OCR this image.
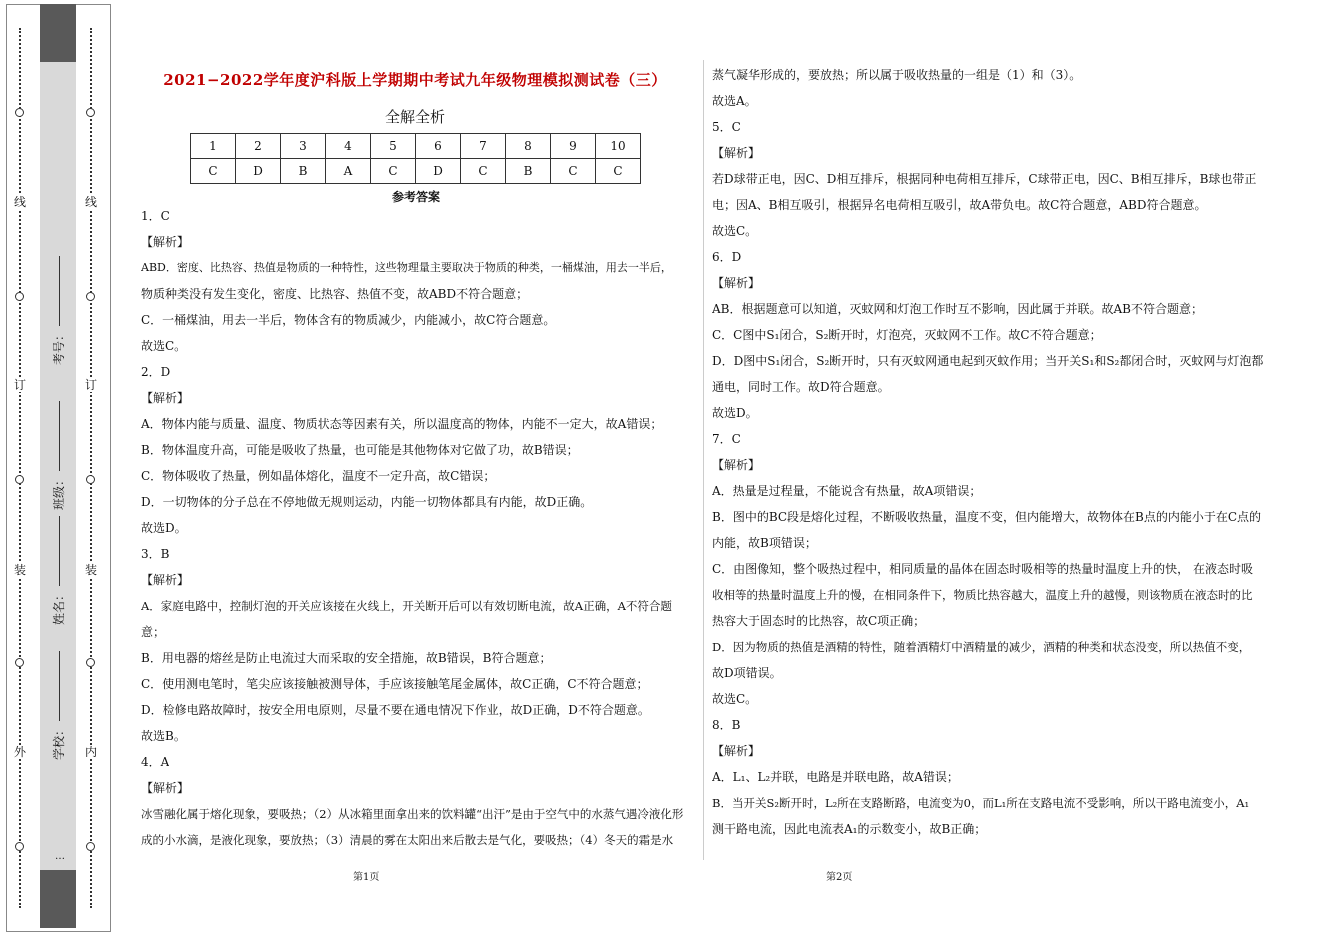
线
订
装
外
…
线
订
装
内
考号：
班级：
姓名：
学校：
2021−2022学年度沪科版上学期期中考试九年级物理模拟测试卷（三）
全解全析
1	2	3	4	5	6	7	8	9	10
C	D	B	A	C	D	C	B	C	C
参考答案
1．C
【解析】
ABD．密度、比热容、热值是物质的一种特性，这些物理量主要取决于物质的种类，一桶煤油，用去一半后，
物质种类没有发生变化，密度、比热容、热值不变，故ABD不符合题意；
C．一桶煤油，用去一半后，物体含有的物质减少，内能减小，故C符合题意。
故选C。
2．D
【解析】
A．物体内能与质量、温度、物质状态等因素有关，所以温度高的物体，内能不一定大，故A错误；
B．物体温度升高，可能是吸收了热量，也可能是其他物体对它做了功，故B错误；
C．物体吸收了热量，例如晶体熔化，温度不一定升高，故C错误；
D．一切物体的分子总在不停地做无规则运动，内能一切物体都具有内能，故D正确。
故选D。
3．B
【解析】
A．家庭电路中，控制灯泡的开关应该接在火线上，开关断开后可以有效切断电流，故A正确，A不符合题
意；
B．用电器的熔丝是防止电流过大而采取的安全措施，故B错误，B符合题意；
C．使用测电笔时，笔尖应该接触被测导体，手应该接触笔尾金属体，故C正确，C不符合题意；
D．检修电路故障时，按安全用电原则，尽量不要在通电情况下作业，故D正确，D不符合题意。
故选B。
4．A
【解析】
冰雪融化属于熔化现象，要吸热；（2）从冰箱里面拿出来的饮料罐“出汗”是由于空气中的水蒸气遇冷液化形
成的小水滴，是液化现象，要放热；（3）清晨的雾在太阳出来后散去是气化，要吸热；（4）冬天的霜是水
蒸气凝华形成的，要放热；所以属于吸收热量的一组是（1）和（3）。
故选A。
5．C
【解析】
若D球带正电，因C、D相互排斥，根据同种电荷相互排斥，C球带正电，因C、B相互排斥，B球也带正
电；因A、B相互吸引，根据异名电荷相互吸引，故A带负电。故C符合题意，ABD符合题意。
故选C。
6．D
【解析】
AB．根据题意可以知道，灭蚊网和灯泡工作时互不影响，因此属于并联。故AB不符合题意；
C．C图中S₁闭合，S₂断开时，灯泡亮，灭蚊网不工作。故C不符合题意；
D．D图中S₁闭合，S₂断开时，只有灭蚊网通电起到灭蚊作用；当开关S₁和S₂都闭合时，灭蚊网与灯泡都
通电，同时工作。故D符合题意。
故选D。
7．C
【解析】
A．热量是过程量，不能说含有热量，故A项错误；
B．图中的BC段是熔化过程，不断吸收热量，温度不变，但内能增大，故物体在B点的内能小于在C点的
内能，故B项错误；
C．由图像知，整个吸热过程中，相同质量的晶体在固态时吸相等的热量时温度上升的快， 在液态时吸
收相等的热量时温度上升的慢，在相同条件下，物质比热容越大，温度上升的越慢，则该物质在液态时的比
热容大于固态时的比热容，故C项正确；
D．因为物质的热值是酒精的特性，随着酒精灯中酒精量的减少，酒精的种类和状态没变，所以热值不变，
故D项错误。
故选C。
8．B
【解析】
A．L₁、L₂并联，电路是并联电路，故A错误；
B．当开关S₂断开时，L₂所在支路断路，电流变为0，而L₁所在支路电流不受影响，所以干路电流变小，A₁
测干路电流，因此电流表A₁的示数变小，故B正确；
第1页	第2页
